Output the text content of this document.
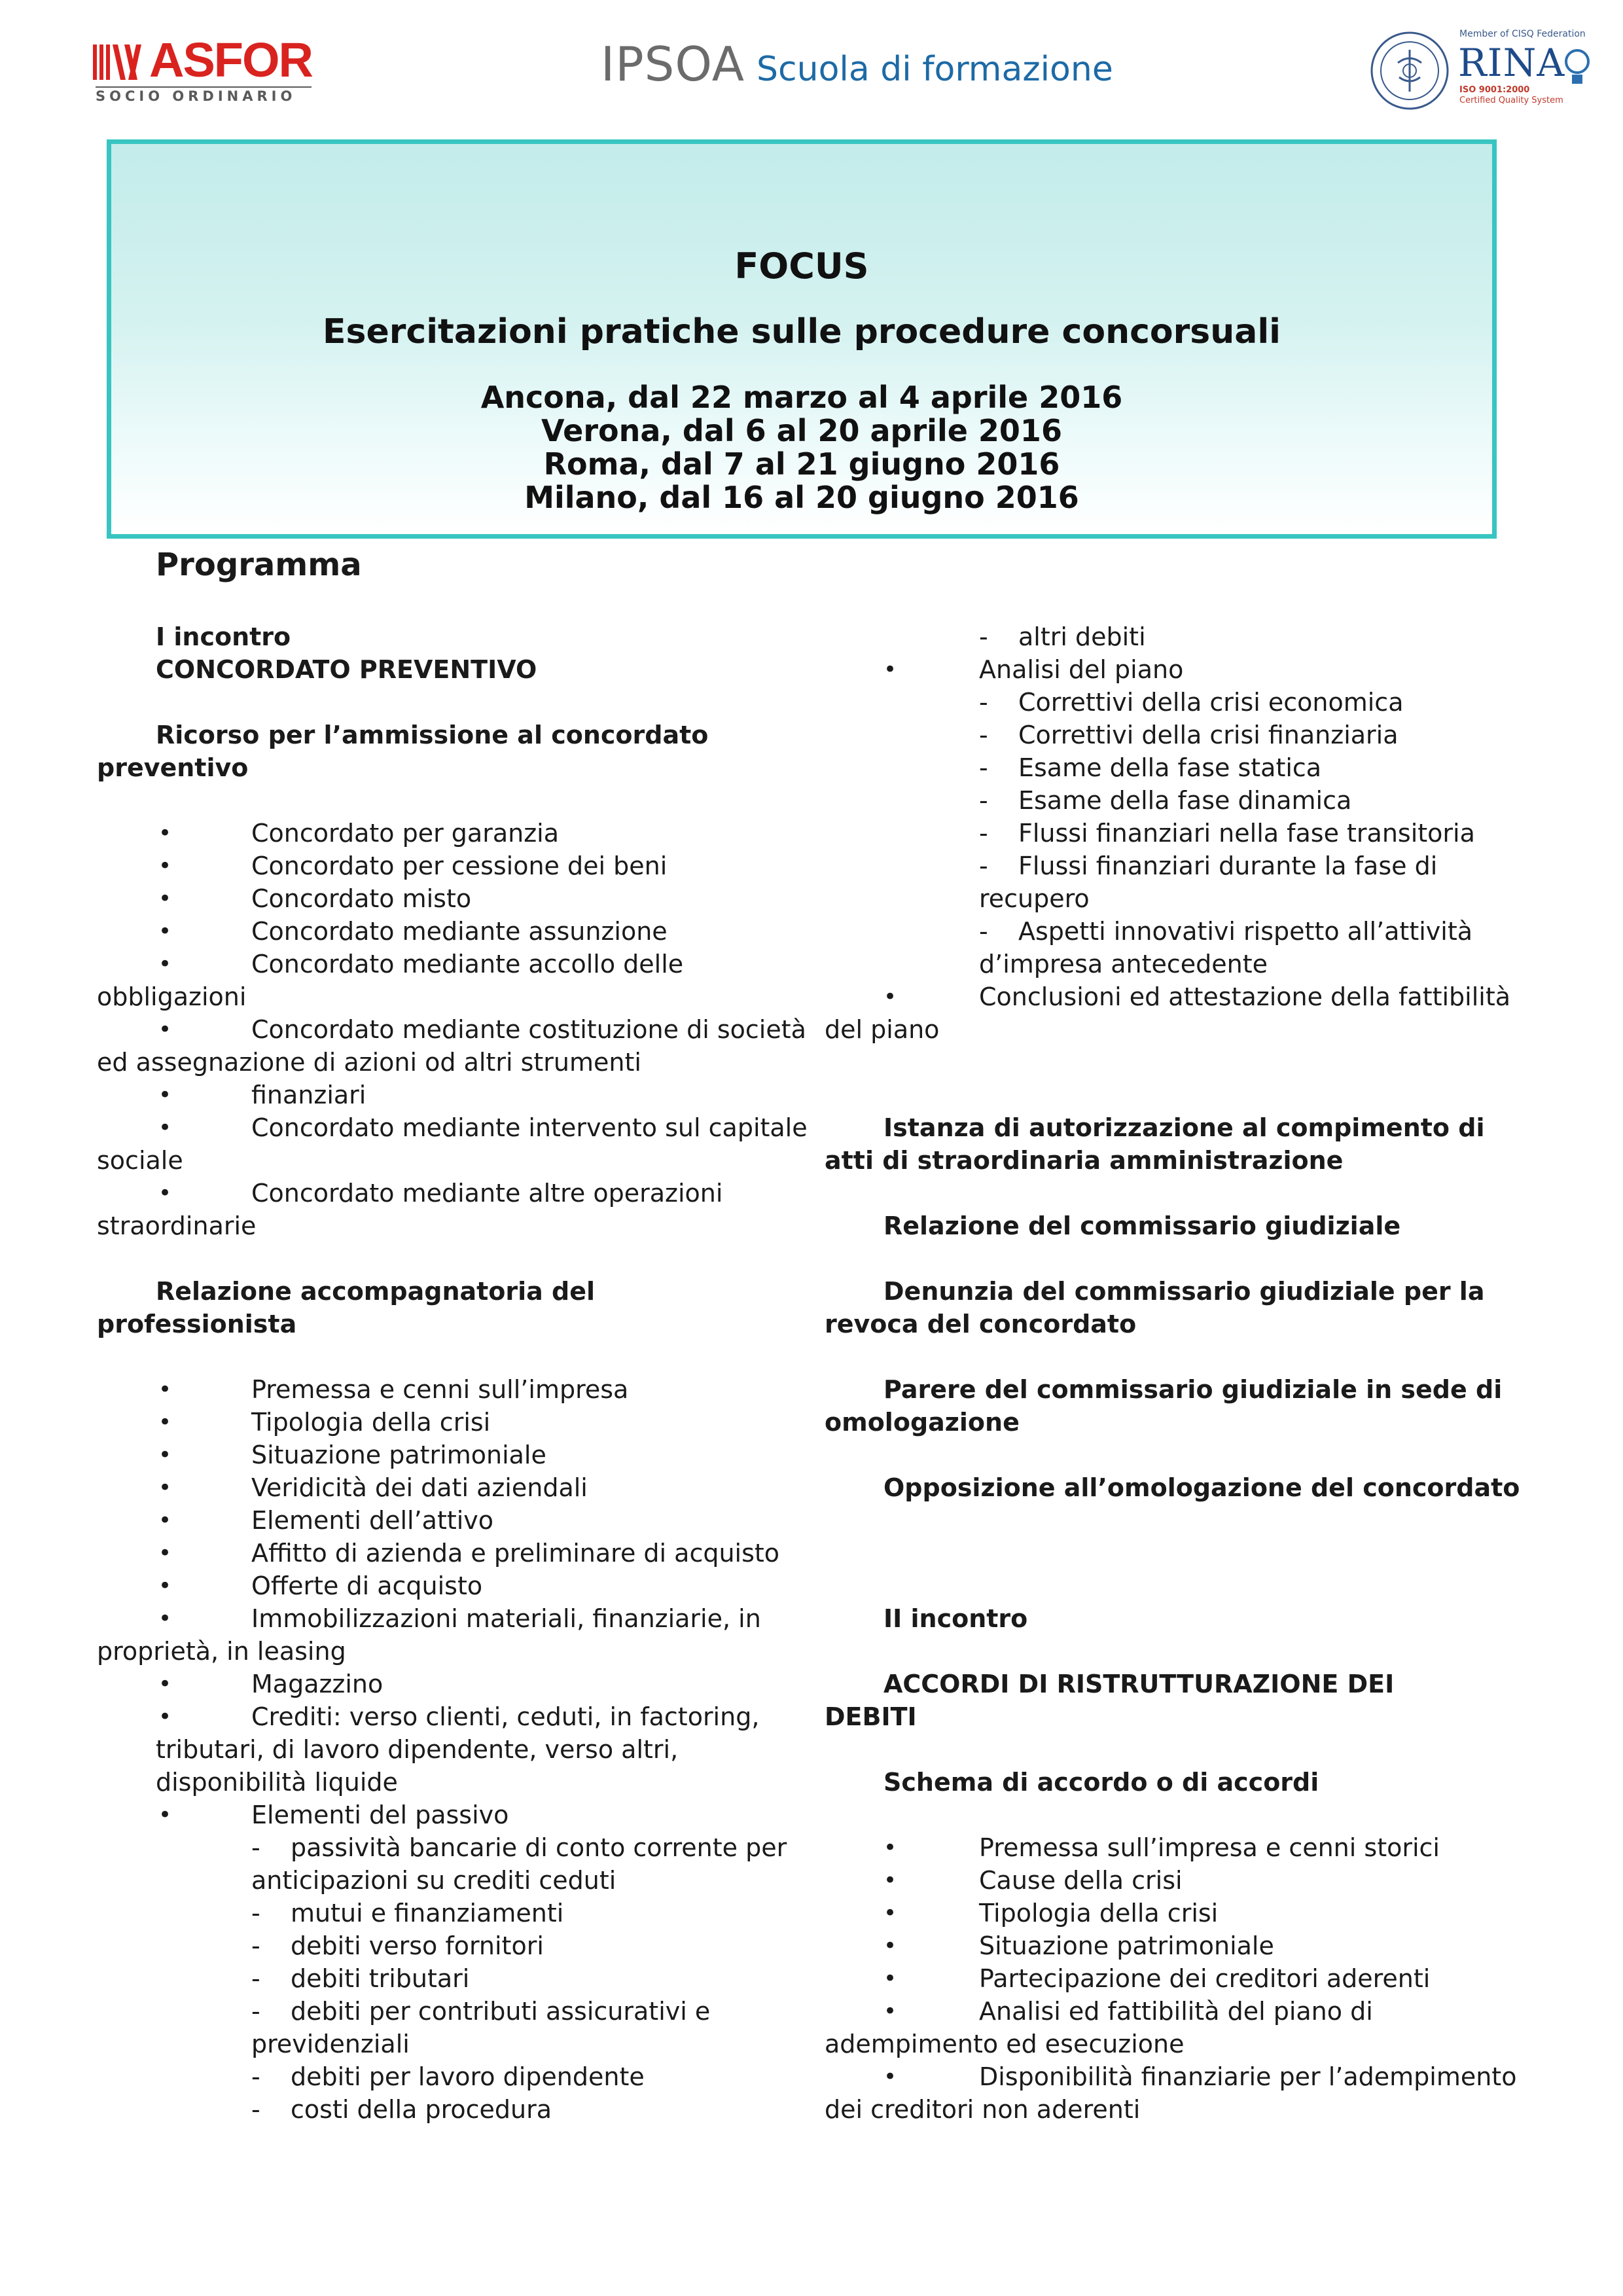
ASFOR
SOCIO ORDINARIO
IPSOA Scuola di formazione
Member of CISQ Federation
RINA
ISO 9001:2000
Certified Quality System
FOCUS
Esercitazioni pratiche sulle procedure concorsuali
Ancona, dal 22 marzo al 4 aprile 2016
Verona, dal 6 al 20 aprile 2016
Roma, dal 7 al 21 giugno 2016
Milano, dal 16 al 20 giugno 2016
Programma
I incontro
CONCORDATO PREVENTIVO
Ricorso per l’ammissione al concordato
preventivo
Concordato per garanzia
Concordato per cessione dei beni
Concordato misto
Concordato mediante assunzione
Concordato mediante accollo delle
obbligazioni
Concordato mediante costituzione di società
ed assegnazione di azioni od altri strumenti
finanziari
Concordato mediante intervento sul capitale
sociale
Concordato mediante altre operazioni
straordinarie
•
•
•
•
•
•
•
•
•
Relazione accompagnatoria del
professionista
Premessa e cenni sull’impresa
Tipologia della crisi
Situazione patrimoniale
Veridicità dei dati aziendali
Elementi dell’attivo
Affitto di azienda e preliminare di acquisto
Offerte di acquisto
Immobilizzazioni materiali, finanziarie, in
proprietà, in leasing
Magazzino
Crediti: verso clienti, ceduti, in factoring,
tributari, di lavoro dipendente, verso altri,
disponibilità liquide
Elementi del passivo
•
•
•
•
•
•
•
•
•
•
•
- passività bancarie di conto corrente per
anticipazioni su crediti ceduti
- mutui e finanziamenti
- debiti verso fornitori
- debiti tributari
- debiti per contributi assicurativi e
previdenziali
- debiti per lavoro dipendente
- costi della procedura
- altri debiti
•	Analisi del piano
- Correttivi della crisi economica
- Correttivi della crisi finanziaria
- Esame della fase statica
- Esame della fase dinamica
- Flussi finanziari nella fase transitoria
- Flussi finanziari durante la fase di
recupero
- Aspetti innovativi rispetto all’attività
d’impresa antecedente
•	Conclusioni ed attestazione della fattibilità
del piano
Istanza di autorizzazione al compimento di
atti di straordinaria amministrazione
Relazione del commissario giudiziale
Denunzia del commissario giudiziale per la
revoca del concordato
Parere del commissario giudiziale in sede di
omologazione
Opposizione all’omologazione del concordato
II incontro
ACCORDI DI RISTRUTTURAZIONE DEI
DEBITI
Schema di accordo o di accordi
•	Premessa sull’impresa e cenni storici
•	Cause della crisi
•	Tipologia della crisi
•	Situazione patrimoniale
•	Partecipazione dei creditori aderenti
•	Analisi ed fattibilità del piano di
adempimento ed esecuzione
•	Disponibilità finanziarie per l’adempimento
dei creditori non aderenti
